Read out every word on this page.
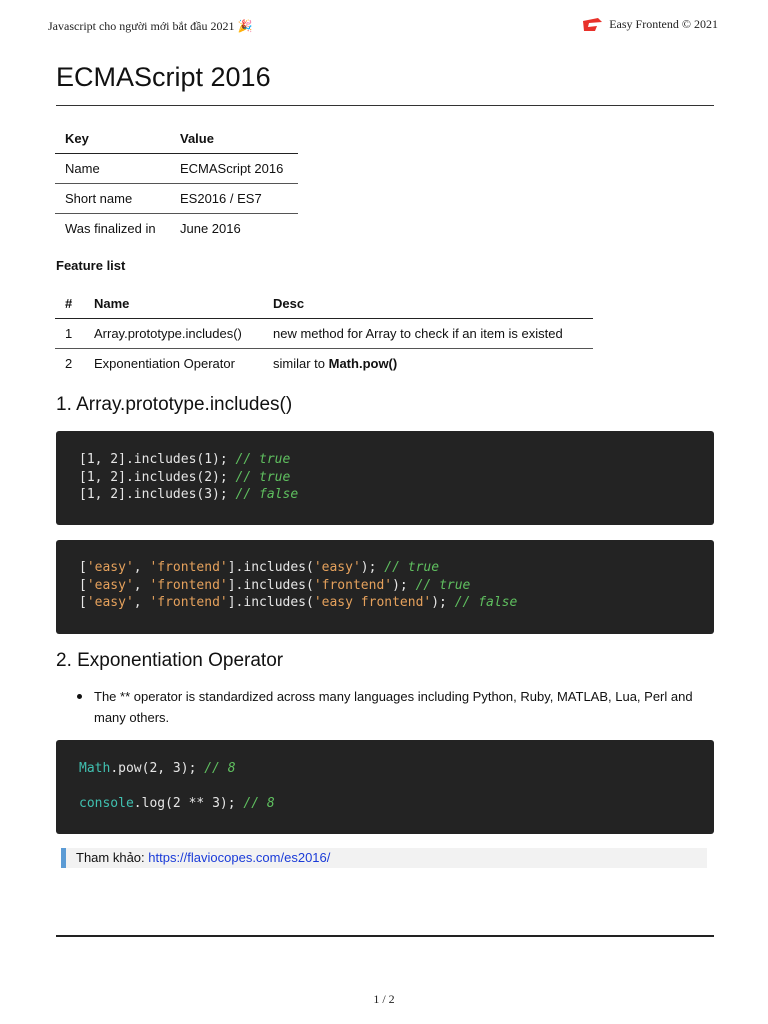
Javascript cho người mới bắt đầu 2021 🎉	Easy Frontend © 2021
ECMAScript 2016
Key	Value
Name	ECMAScript 2016
Short name	ES2016 / ES7
Was finalized in	June 2016
Feature list
#	Name	Desc
1	Array.prototype.includes()	new method for Array to check if an item is existed
2	Exponentiation Operator	similar to Math.pow()
1. Array.prototype.includes()
[1, 2].includes(1); // true
[1, 2].includes(2); // true
[1, 2].includes(3); // false
['easy', 'frontend'].includes('easy'); // true
['easy', 'frontend'].includes('frontend'); // true
['easy', 'frontend'].includes('easy frontend'); // false
2. Exponentiation Operator
The ** operator is standardized across many languages including Python, Ruby, MATLAB, Lua, Perl and many others.
Math.pow(2, 3); // 8
console.log(2 ** 3); // 8
Tham khảo: https://flaviocopes.com/es2016/
1 / 2
